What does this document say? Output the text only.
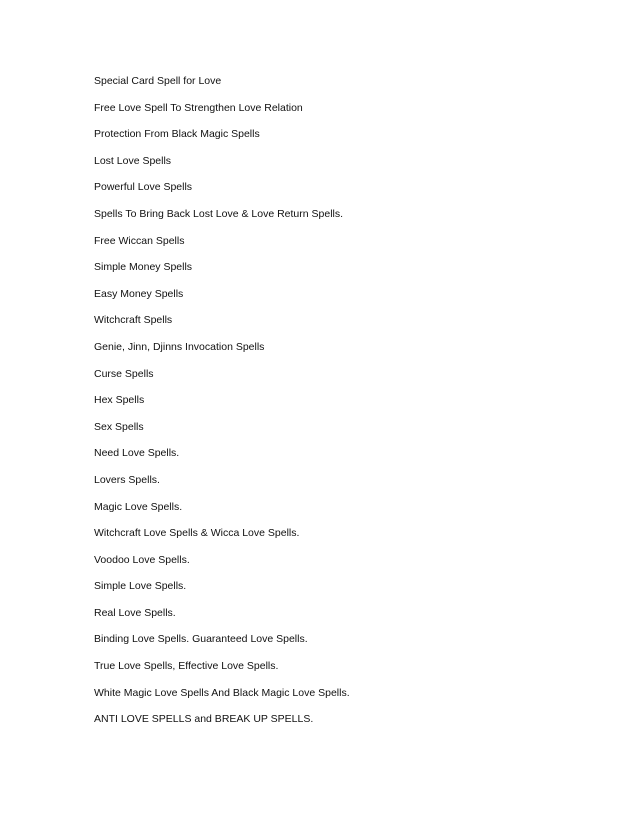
Special Card Spell for Love
Free Love Spell To Strengthen Love Relation
Protection From Black Magic Spells
Lost Love Spells
Powerful Love Spells
Spells To Bring Back Lost Love & Love Return Spells.
Free Wiccan Spells
Simple Money Spells
Easy Money Spells
Witchcraft Spells
Genie, Jinn, Djinns Invocation Spells
Curse Spells
Hex Spells
Sex Spells
Need Love Spells.
Lovers Spells.
Magic Love Spells.
Witchcraft Love Spells & Wicca Love Spells.
Voodoo Love Spells.
Simple Love Spells.
Real Love Spells.
Binding Love Spells. Guaranteed Love Spells.
True Love Spells, Effective Love Spells.
White Magic Love Spells And Black Magic Love Spells.
ANTI LOVE SPELLS and BREAK UP SPELLS.
